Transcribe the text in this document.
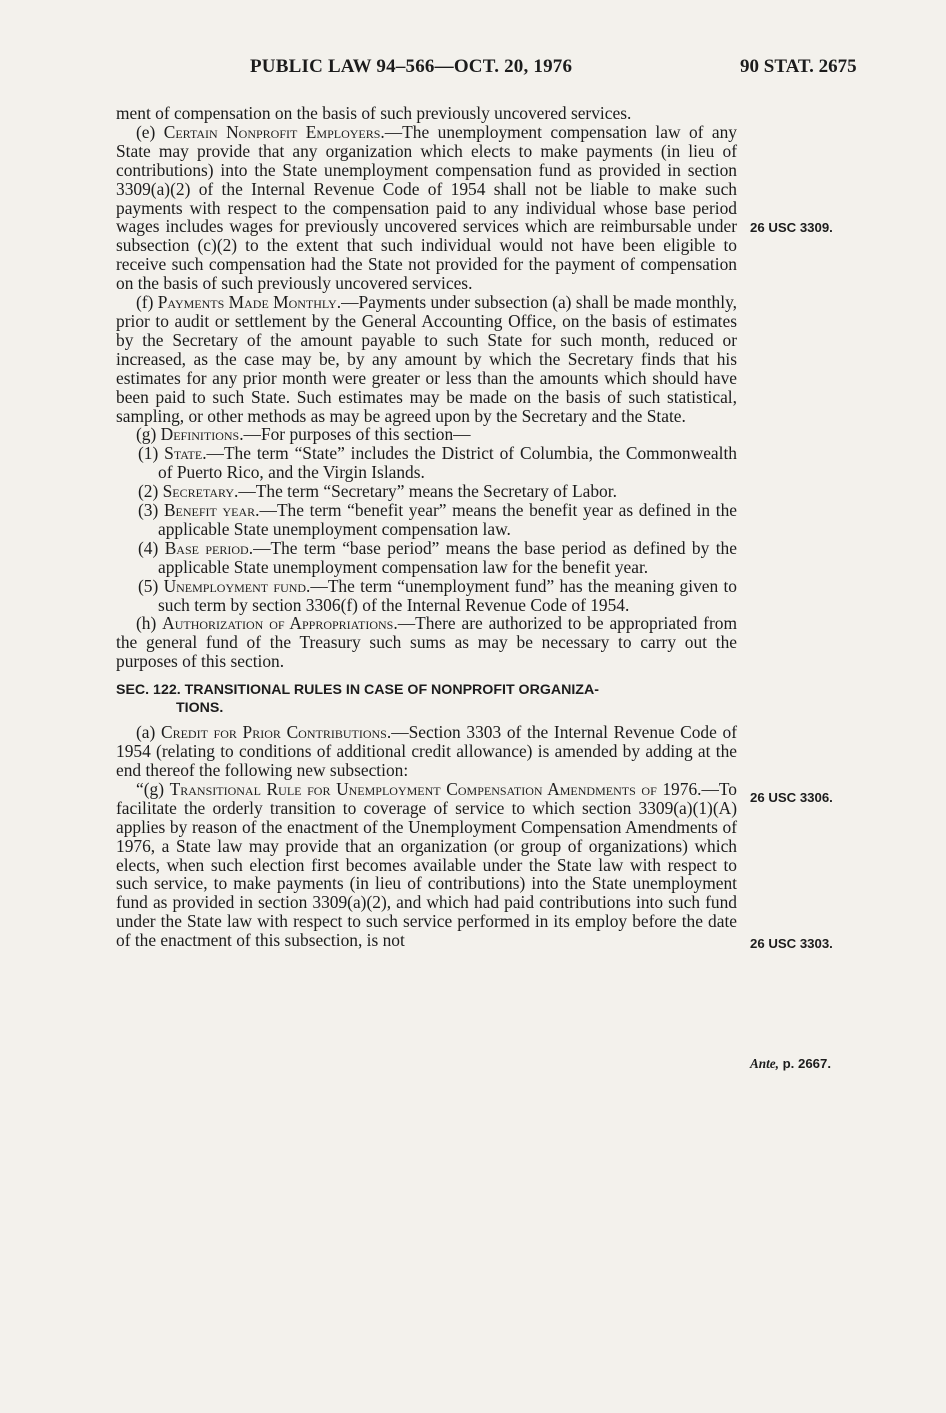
PUBLIC LAW 94–566—OCT. 20, 1976	90 STAT. 2675

ment of compensation on the basis of such previously uncovered services.

(e) Certain Nonprofit Employers.—The unemployment compensation law of any State may provide that any organization which elects to make payments (in lieu of contributions) into the State unemployment compensation fund as provided in section 3309(a)(2) of the Internal Revenue Code of 1954 shall not be liable to make such payments with respect to the compensation paid to any individual whose base period wages includes wages for previously uncovered services which are reimbursable under subsection (c)(2) to the extent that such individual would not have been eligible to receive such compensation had the State not provided for the payment of compensation on the basis of such previously uncovered services.

(f) Payments Made Monthly.—Payments under subsection (a) shall be made monthly, prior to audit or settlement by the General Accounting Office, on the basis of estimates by the Secretary of the amount payable to such State for such month, reduced or increased, as the case may be, by any amount by which the Secretary finds that his estimates for any prior month were greater or less than the amounts which should have been paid to such State. Such estimates may be made on the basis of such statistical, sampling, or other methods as may be agreed upon by the Secretary and the State.

(g) Definitions.—For purposes of this section—

(1) State.—The term “State” includes the District of Columbia, the Commonwealth of Puerto Rico, and the Virgin Islands.

(2) Secretary.—The term “Secretary” means the Secretary of Labor.

(3) Benefit year.—The term “benefit year” means the benefit year as defined in the applicable State unemployment compensation law.

(4) Base period.—The term “base period” means the base period as defined by the applicable State unemployment compensation law for the benefit year.

(5) Unemployment fund.—The term “unemployment fund” has the meaning given to such term by section 3306(f) of the Internal Revenue Code of 1954.

(h) Authorization of Appropriations.—There are authorized to be appropriated from the general fund of the Treasury such sums as may be necessary to carry out the purposes of this section.

SEC. 122. TRANSITIONAL RULES IN CASE OF NONPROFIT ORGANIZA-
TIONS.

(a) Credit for Prior Contributions.—Section 3303 of the Internal Revenue Code of 1954 (relating to conditions of additional credit allowance) is amended by adding at the end thereof the following new subsection:

“(g) Transitional Rule for Unemployment Compensation Amendments of 1976.—To facilitate the orderly transition to coverage of service to which section 3309(a)(1)(A) applies by reason of the enactment of the Unemployment Compensation Amendments of 1976, a State law may provide that an organization (or group of organizations) which elects, when such election first becomes available under the State law with respect to such service, to make payments (in lieu of contributions) into the State unemployment fund as provided in section 3309(a)(2), and which had paid contributions into such fund under the State law with respect to such service performed in its employ before the date of the enactment of this subsection, is not

26 USC 3309.
26 USC 3306.
26 USC 3303.
Ante, p. 2667.
